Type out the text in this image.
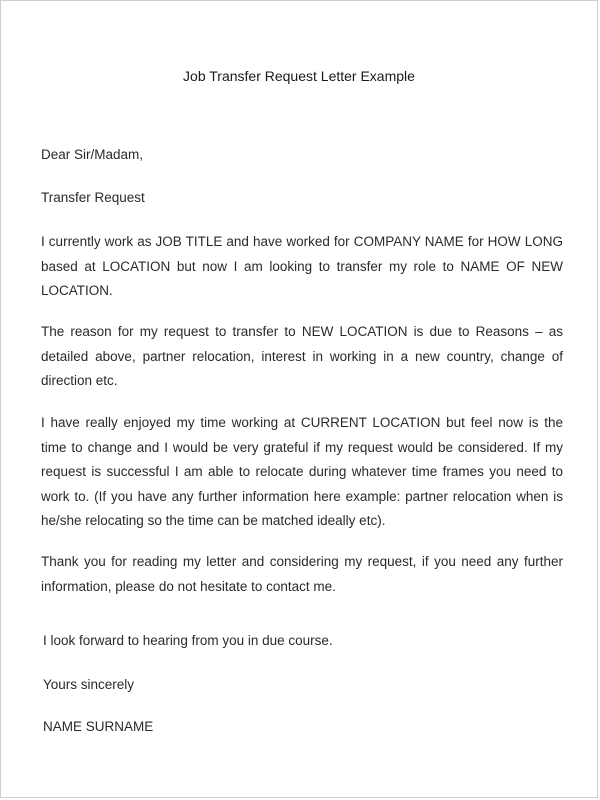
Job Transfer Request Letter Example

Dear Sir/Madam,

Transfer Request

I currently work as JOB TITLE and have worked for COMPANY NAME for HOW LONG based at LOCATION but now I am looking to transfer my role to NAME OF NEW LOCATION.

The reason for my request to transfer to NEW LOCATION is due to Reasons – as detailed above, partner relocation, interest in working in a new country, change of direction etc.

I have really enjoyed my time working at CURRENT LOCATION but feel now is the time to change and I would be very grateful if my request would be considered. If my request is successful I am able to relocate during whatever time frames you need to work to. (If you have any further information here example: partner relocation when is he/she relocating so the time can be matched ideally etc).

Thank you for reading my letter and considering my request, if you need any further information, please do not hesitate to contact me.

I look forward to hearing from you in due course.

Yours sincerely

NAME SURNAME
